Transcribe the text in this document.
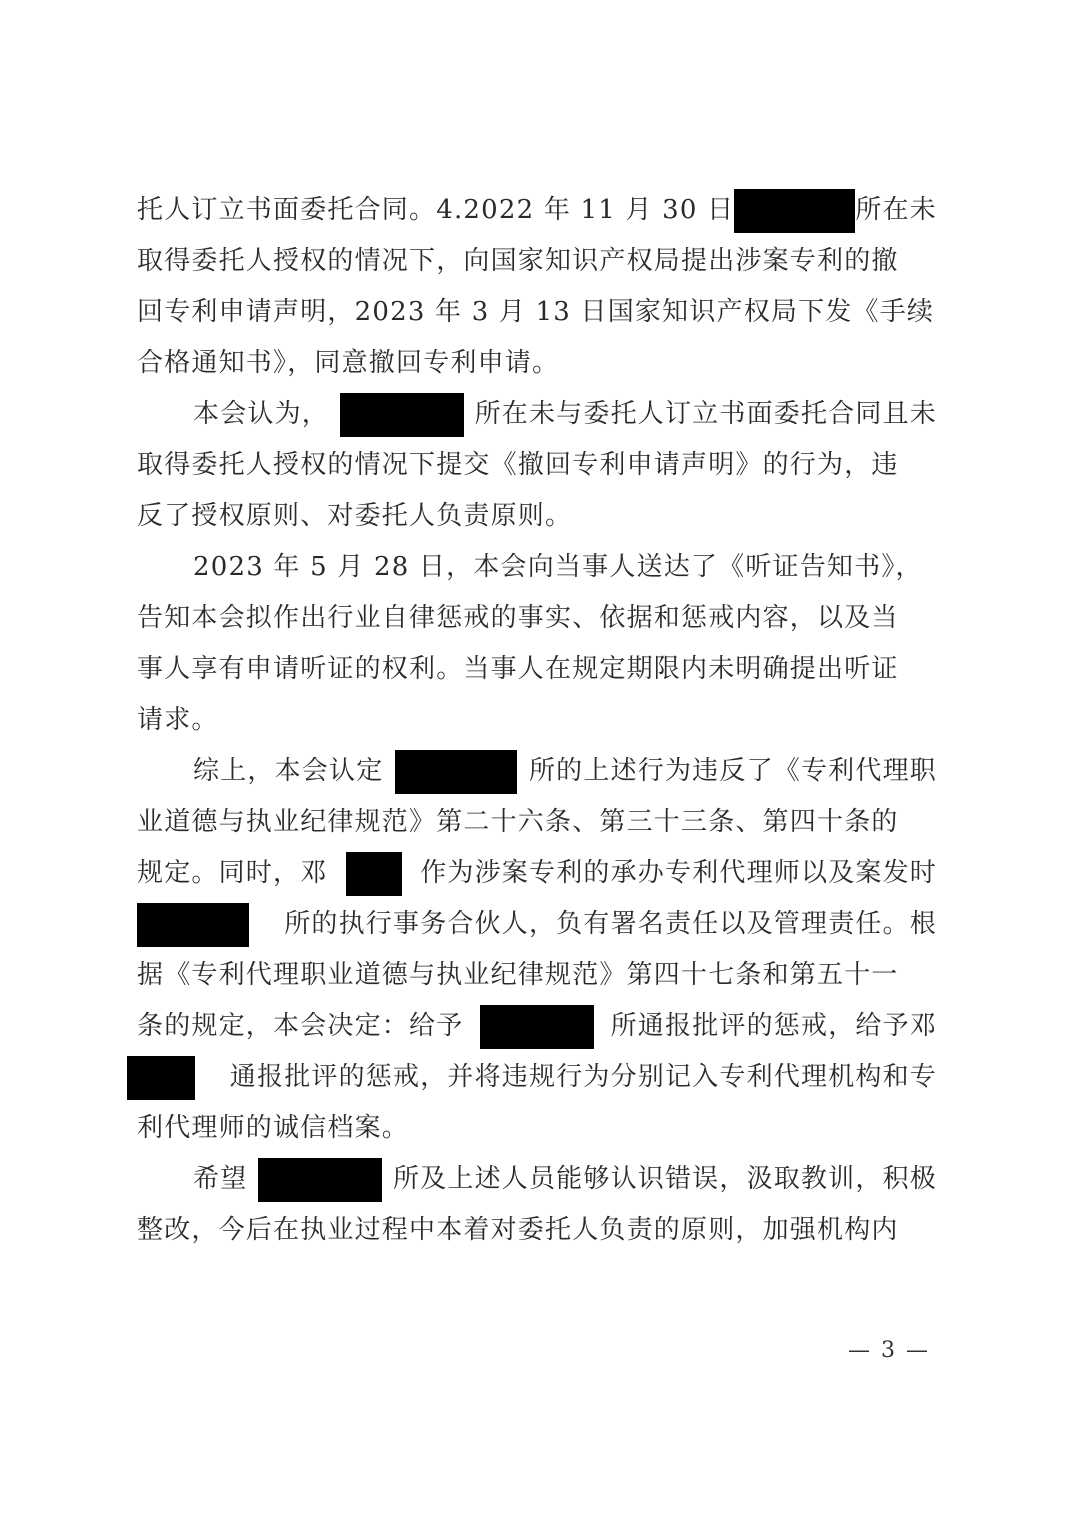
托人订立书面委托合同。4.2022 年 11 月 30 日	所在未
取得委托人授权的情况下，向国家知识产权局提出涉案专利的撤
回专利申请声明，2023 年 3 月 13 日国家知识产权局下发《手续
合格通知书》，同意撤回专利申请。
本会认为，	所在未与委托人订立书面委托合同且未
取得委托人授权的情况下提交《撤回专利申请声明》的行为，违
反了授权原则、对委托人负责原则。
2023 年 5 月 28 日，本会向当事人送达了《听证告知书》，
告知本会拟作出行业自律惩戒的事实、依据和惩戒内容，以及当
事人享有申请听证的权利。当事人在规定期限内未明确提出听证
请求。
综上，本会认定	所的上述行为违反了《专利代理职
业道德与执业纪律规范》第二十六条、第三十三条、第四十条的
规定。同时，邓	作为涉案专利的承办专利代理师以及案发时
所的执行事务合伙人，负有署名责任以及管理责任。根
据《专利代理职业道德与执业纪律规范》第四十七条和第五十一
条的规定，本会决定：给予	所通报批评的惩戒，给予邓
通报批评的惩戒，并将违规行为分别记入专利代理机构和专
利代理师的诚信档案。
希望	所及上述人员能够认识错误，汲取教训，积极
整改，今后在执业过程中本着对委托人负责的原则，加强机构内
— 3 —
